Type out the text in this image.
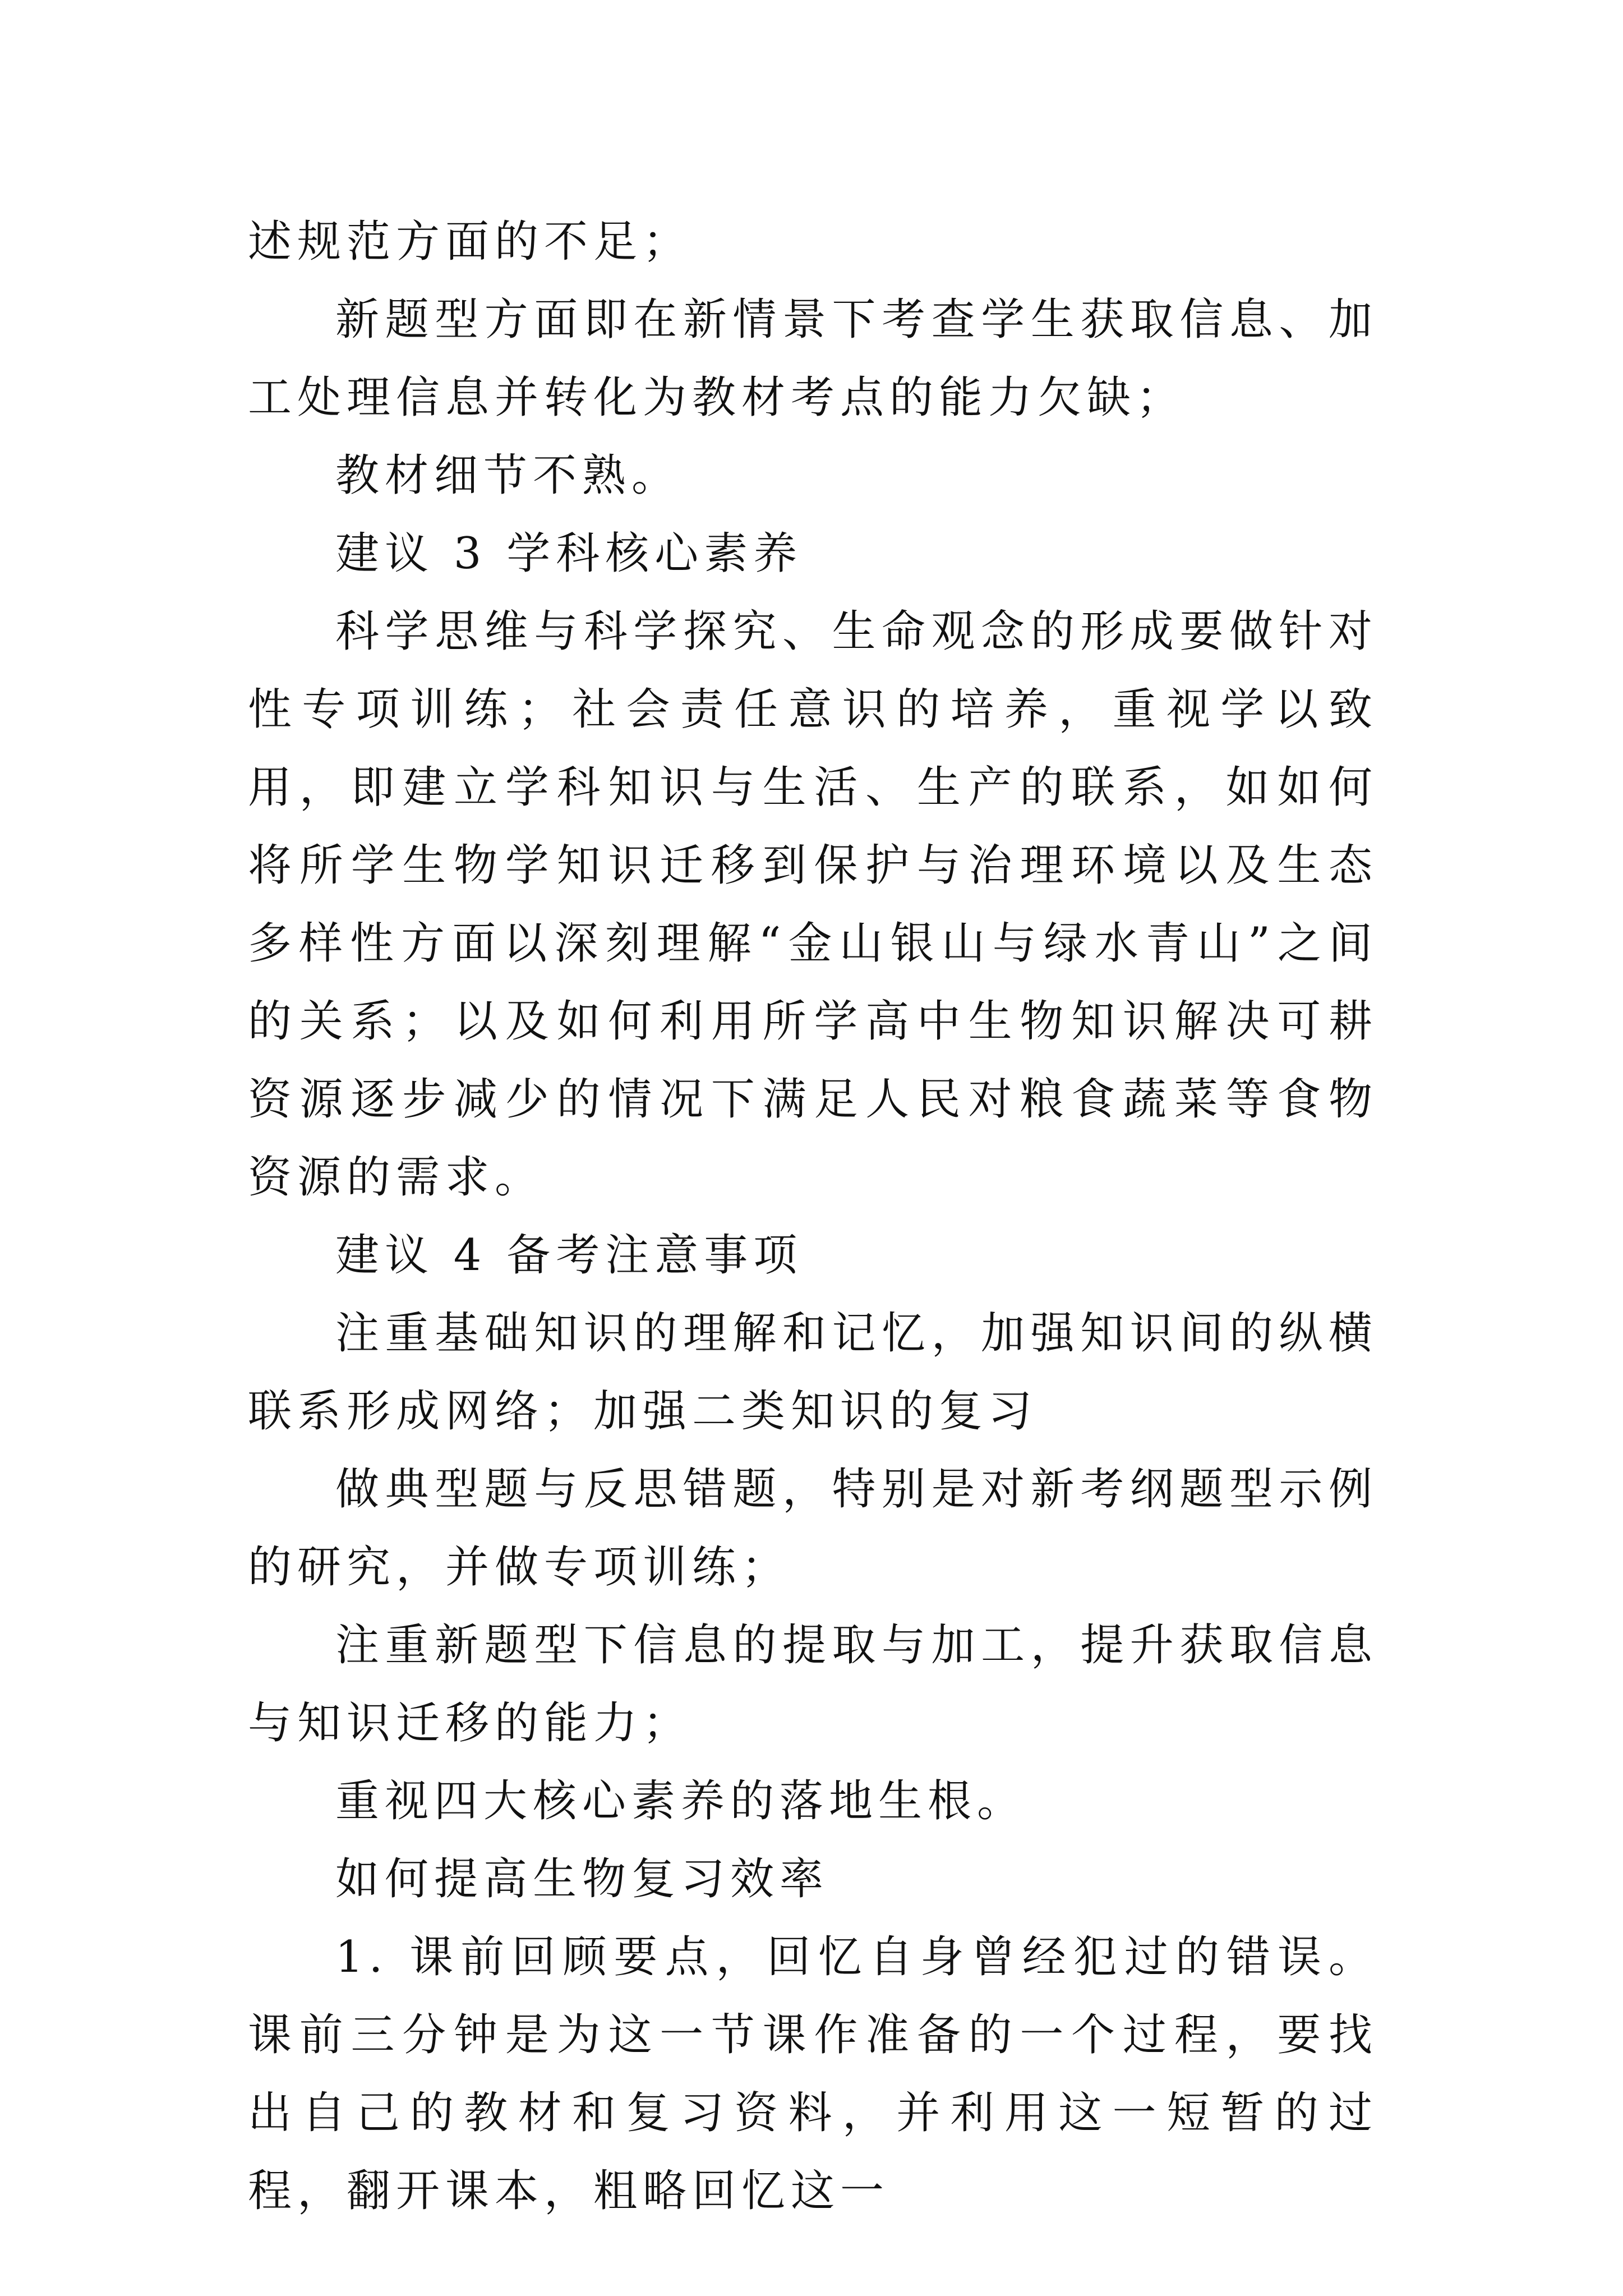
述规范方面的不足；

新题型方面即在新情景下考查学生获取信息、加工处理信息并转化为教材考点的能力欠缺；

教材细节不熟。

建议 3 学科核心素养

科学思维与科学探究、生命观念的形成要做针对性专项训练；社会责任意识的培养，重视学以致用，即建立学科知识与生活、生产的联系，如如何将所学生物学知识迁移到保护与治理环境以及生态多样性方面以深刻理解“金山银山与绿水青山”之间的关系；以及如何利用所学高中生物知识解决可耕资源逐步减少的情况下满足人民对粮食蔬菜等食物资源的需求。

建议 4 备考注意事项

注重基础知识的理解和记忆，加强知识间的纵横联系形成网络；加强二类知识的复习

做典型题与反思错题，特别是对新考纲题型示例的研究，并做专项训练；

注重新题型下信息的提取与加工，提升获取信息与知识迁移的能力；

重视四大核心素养的落地生根。

如何提高生物复习效率

1. 课前回顾要点，回忆自身曾经犯过的错误。课前三分钟是为这一节课作准备的一个过程，要找出自己的教材和复习资料，并利用这一短暂的过程，翻开课本，粗略回忆这一
